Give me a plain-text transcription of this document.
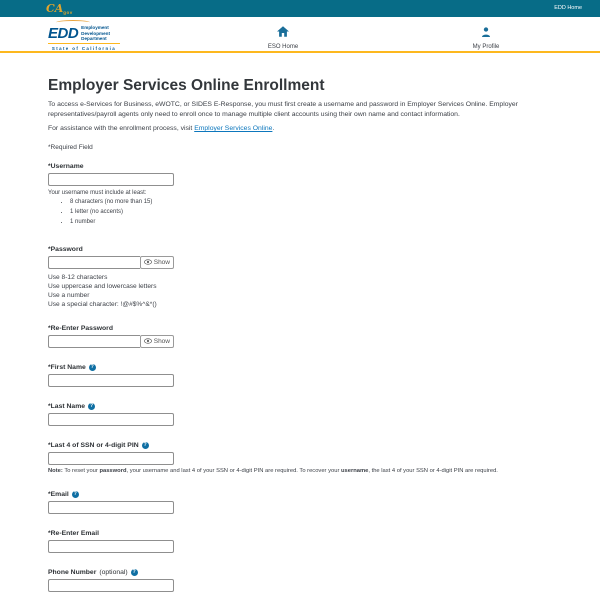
CAgov
EDD Home
EDD Employment
Development
Department
State of California	ESO Home	My Profile
Employer Services Online Enrollment

To access e-Services for Business, eWOTC, or SIDES E-Response, you must first create a username and password in Employer Services Online. Employer representatives/payroll agents only need to enroll once to manage multiple client accounts using their own name and contact information.

For assistance with the enrollment process, visit Employer Services Online.

*Required Field

*Username
Your username must include at least:
• 8 characters (no more than 15)
• 1 letter (no accents)
• 1 number
*Password
Show
Use 8-12 characters
Use uppercase and lowercase letters
Use a number
Use a special character: !@#$%^&*()
*Re-Enter Password
Show
*First Name ?
*Last Name ?
*Last 4 of SSN or 4-digit PIN ?

Note: To reset your password, your username and last 4 of your SSN or 4-digit PIN are required. To recover your username, the last 4 of your SSN or 4-digit PIN are required.

*Email ?
*Re-Enter Email
Phone Number (optional) ?
